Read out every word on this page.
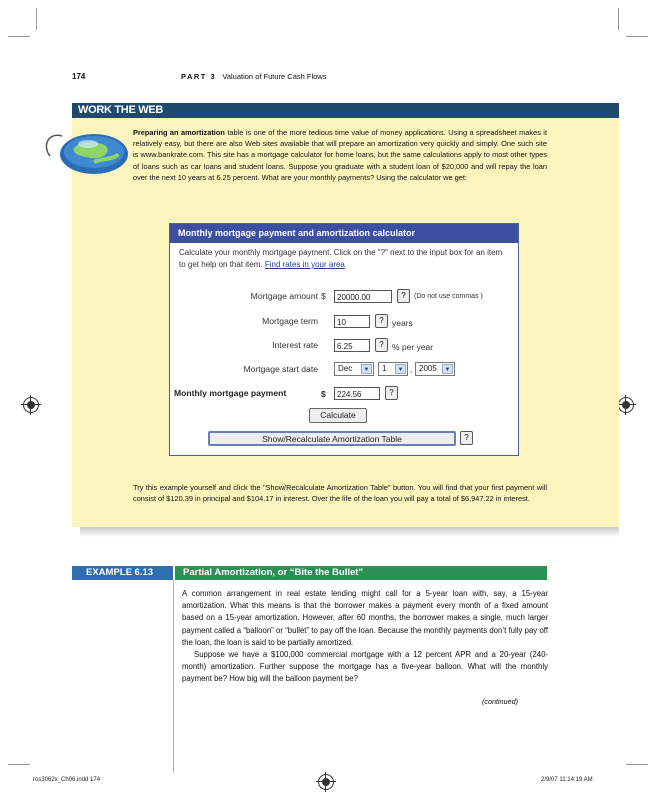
174	PART 3 Valuation of Future Cash Flows
WORK THE WEB
Preparing an amortization table is one of the more tedious time value of money applications. Using a spreadsheet makes it relatively easy, but there are also Web sites available that will prepare an amortization very quickly and simply. One such site is www.bankrate.com. This site has a mortgage calculator for home loans, but the same calculations apply to most other types of loans such as car loans and student loans. Suppose you graduate with a student loan of $20,000 and will repay the loan over the next 10 years at 6.25 percent. What are your monthly payments? Using the calculator we get:
Monthly mortgage payment and amortization calculator
Calculate your monthly mortgage payment. Click on the "?" next to the input box for an item to get help on that item. Find rates in your area
Mortgage amount $	20000.00	?	(Do not use commas )
Mortgage term	10	? years
Interest rate	6.25	? % per year
Mortgage start date	Dec	▼	1	▼ , 2005	▼
Monthly mortgage payment	$	224.56	?
Calculate
Show/Recalculate Amortization Table	?
Try this example yourself and click the "Show/Recalculate Amortization Table" button. You will find that your first payment will consist of $120.39 in principal and $104.17 in interest. Over the life of the loan you will pay a total of $6,947.22 in interest.
EXAMPLE 6.13	Partial Amortization, or “Bite the Bullet”

A common arrangement in real estate lending might call for a 5-year loan with, say, a 15-year amortization. What this means is that the borrower makes a payment every month of a fixed amount based on a 15-year amortization. However, after 60 months, the borrower makes a single, much larger payment called a “balloon” or “bullet” to pay off the loan. Because the monthly payments don’t fully pay off the loan, the loan is said to be partially amortized.

Suppose we have a $100,000 commercial mortgage with a 12 percent APR and a 20-year (240-month) amortization. Further suppose the mortgage has a five-year balloon. What will the monthly payment be? How big will the balloon payment be?

(continued)
ros3062x_Ch06.indd 174	2/9/07 11:14:19 AM
